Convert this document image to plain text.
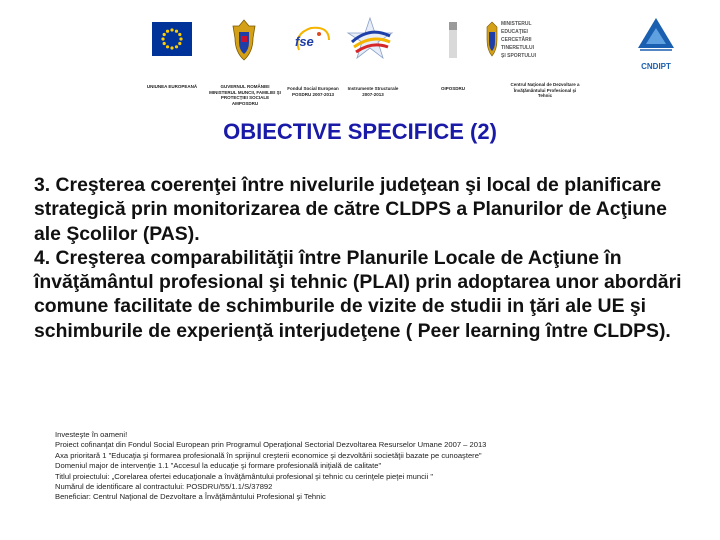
UNIUNEA EUROPEANĂ	GUVERNUL ROMÂNIEI
MINISTERUL MUNCII, FAMILIEI ŞI
PROTECŢIEI SOCIALE
AMPOSDRU
fse
Fondul Social European
POSDRU 2007-2013
Instrumente Structurale
2007-2013
OIPOSDRU
MINISTERUL
EDUCAŢIEI
CERCETĂRII
TINERETULUI
ŞI SPORTULUI
CNDIPT
Centrul Naţional de Dezvoltare a
Învăţământului Profesional şi
Tehnic
OBIECTIVE SPECIFICE (2)

3. Creşterea coerenţei între nivelurile judeţean şi local de planificare strategică prin monitorizarea de către CLDPS a Planurilor de Acţiune ale Şcolilor (PAS).

4. Creşterea comparabilităţii între Planurile Locale de Acţiune în învăţământul profesional şi tehnic (PLAI) prin adoptarea unor abordări comune facilitate de schimburile de vizite de studii in ţări ale UE şi schimburile de experienţă interjudeţene ( Peer learning între CLDPS).

Investeşte în oameni!
Proiect cofinanţat din Fondul Social European prin Programul Operaţional Sectorial Dezvoltarea Resurselor Umane 2007 – 2013
Axa prioritară 1 "Educaţia şi formarea profesională în sprijinul creşterii economice şi dezvoltării societăţii bazate pe cunoaştere"
Domeniul major de intervenţie 1.1 "Accesul la educaţie şi formare profesională iniţială de calitate"
Titlul proiectului: „Corelarea ofertei educaţionale a învăţământului profesional şi tehnic cu cerinţele pieţei muncii "
Numărul de identificare al contractului: POSDRU/55/1.1/S/37892
Beneficiar: Centrul Naţional de Dezvoltare a Învăţământului Profesional şi Tehnic
